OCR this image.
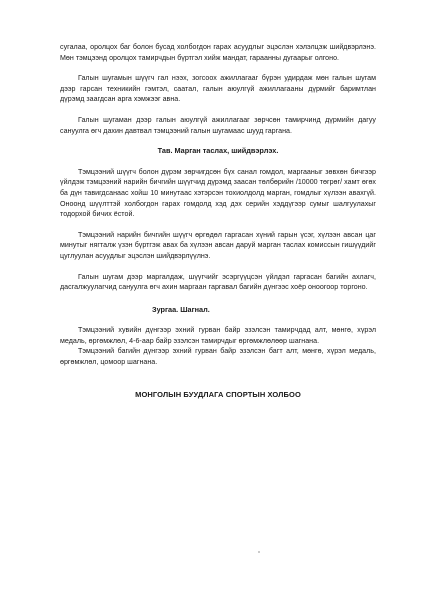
сугалаа, оролцох баг болон бусад холбогдон гарах асуудлыг эцэслэн хэлэлцэж шийдвэрлэнэ. Мөн тэмцээнд оролцох тамирчдын бүртгэл хийж мандат, гараанны дугаарыг олгоно.

Галын шугамын шүүгч гал нээх, зогсоох ажиллагааг бүрэн удирдаж мөн галын шугам дээр гарсан техникийн гэмтэл, саатал, галын аюулгүй ажиллагааны дүрмийг баримтлан дүрэмд заагдсан арга хэмжээг авна.

Галын шугаман дээр галын аюулгүй ажиллагааг зөрчсөн тамирчинд дүрмийн дагуу сануулга өгч дахин давтвал тэмцээний галын шугамаас шууд гаргана.

Тав. Марган таслах, шийдвэрлэх.

Тэмцээний шүүгч болон дүрэм зөрчигдсөн бүх санал гомдол, маргааныг зөвхөн бичгээр үйлдэж тэмцээний нарийн бичгийн шүүгчид дүрэмд заасан төлбөрийн /10000 төгрөг/ хамт өгөх ба дүн тавигдсанаас хойш 10 минутаас хэтэрсэн тохиолдолд марган, гомдлыг хүлээн авахгүй. Оноонд шүүлттэй холбогдон гарах гомдолд хэд дэх серийн хэддүгээр сумыг шалгуулахыг тодорхой бичих ёстой.

Тэмцээний нарийн бичгийн шүүгч өргөдөл гаргасан хүний гарын үсэг, хүлээн авсан цаг минутыг нягталж үзэн бүртгэж авах ба хүлээн авсан даруй марган таслах комиссын гишүүдийг цуглуулан асуудлыг эцэслэн шийдвэрлүүлнэ.

Галын шугам дээр маргалдаж, шүүгчийг эсэргүүцсэн үйлдэл гаргасан багийн ахлагч, дасгалжуулагчид сануулга өгч ахин маргаан гаргавал багийн дүнгээс хоёр оноогоор торгоно.

Зургаа. Шагнал.

Тэмцээний хувийн дүнгээр эхний гурван байр эзэлсэн тамирчдад алт, мөнгө, хүрэл медаль, өргөмжлөл, 4-6-аар байр эзэлсэн тамирчдыг өргөмжлөлөөр шагнана.

Тэмцээний багийн дүнгээр эхний гурван байр эзэлсэн багт алт, мөнгө, хүрэл медаль, өргөмжлөл, цомоор шагнана.

МОНГОЛЫН БУУДЛАГА СПОРТЫН ХОЛБОО
